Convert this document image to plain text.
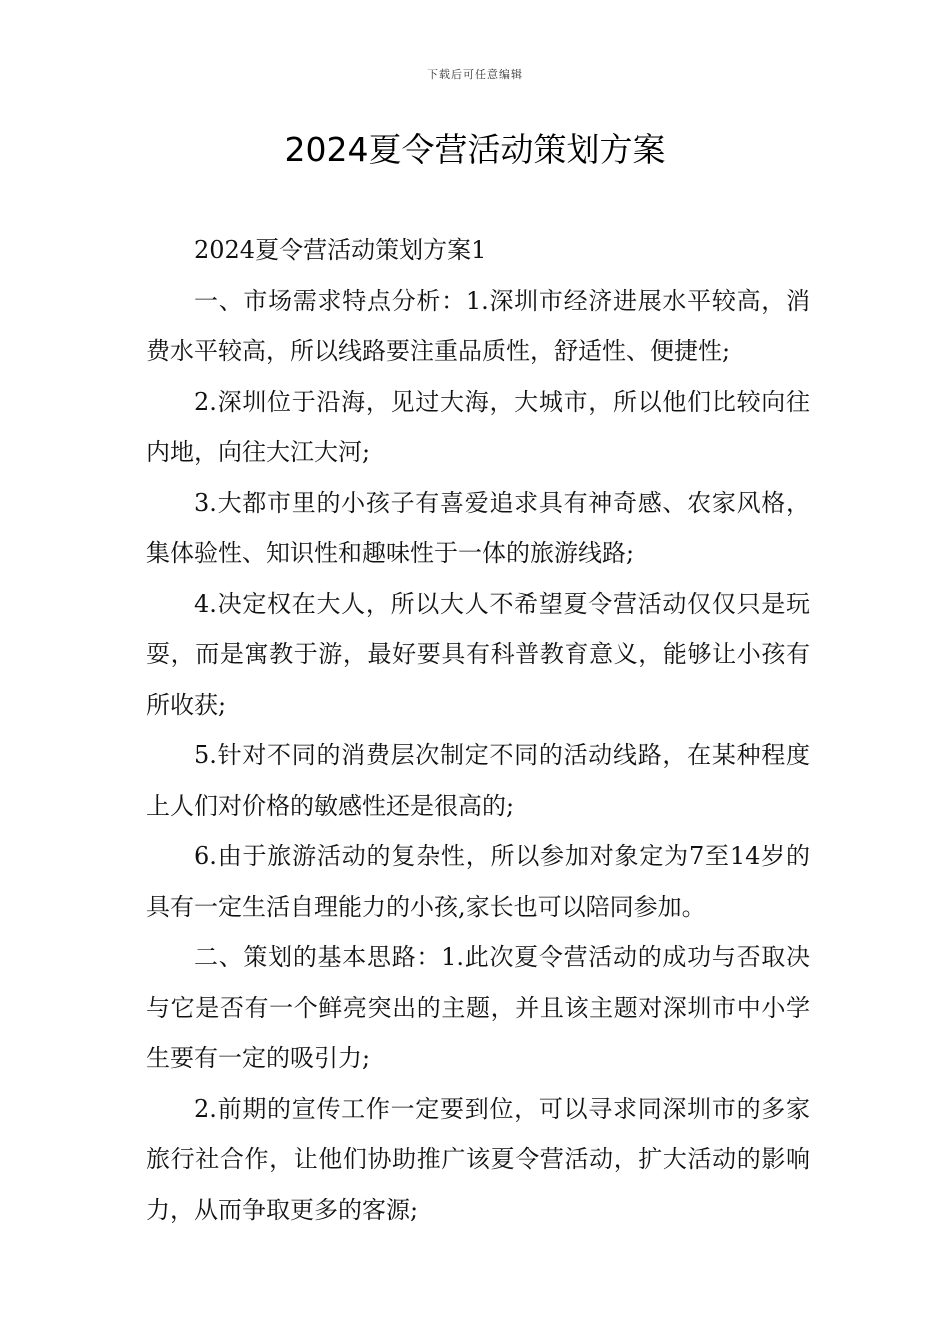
下载后可任意编辑
2024夏令营活动策划方案

2024夏令营活动策划方案1

一、市场需求特点分析：1.深圳市经济进展水平较高，消费水平较高，所以线路要注重品质性，舒适性、便捷性;

2.深圳位于沿海，见过大海，大城市，所以他们比较向往内地，向往大江大河;

3.大都市里的小孩子有喜爱追求具有神奇感、农家风格，集体验性、知识性和趣味性于一体的旅游线路;

4.决定权在大人，所以大人不希望夏令营活动仅仅只是玩耍，而是寓教于游，最好要具有科普教育意义，能够让小孩有所收获;

5.针对不同的消费层次制定不同的活动线路，在某种程度上人们对价格的敏感性还是很高的;

6.由于旅游活动的复杂性，所以参加对象定为7至14岁的具有一定生活自理能力的小孩,家长也可以陪同参加。

二、策划的基本思路：1.此次夏令营活动的成功与否取决与它是否有一个鲜亮突出的主题，并且该主题对深圳市中小学生要有一定的吸引力;

2.前期的宣传工作一定要到位，可以寻求同深圳市的多家旅行社合作，让他们协助推广该夏令营活动，扩大活动的影响力，从而争取更多的客源;
